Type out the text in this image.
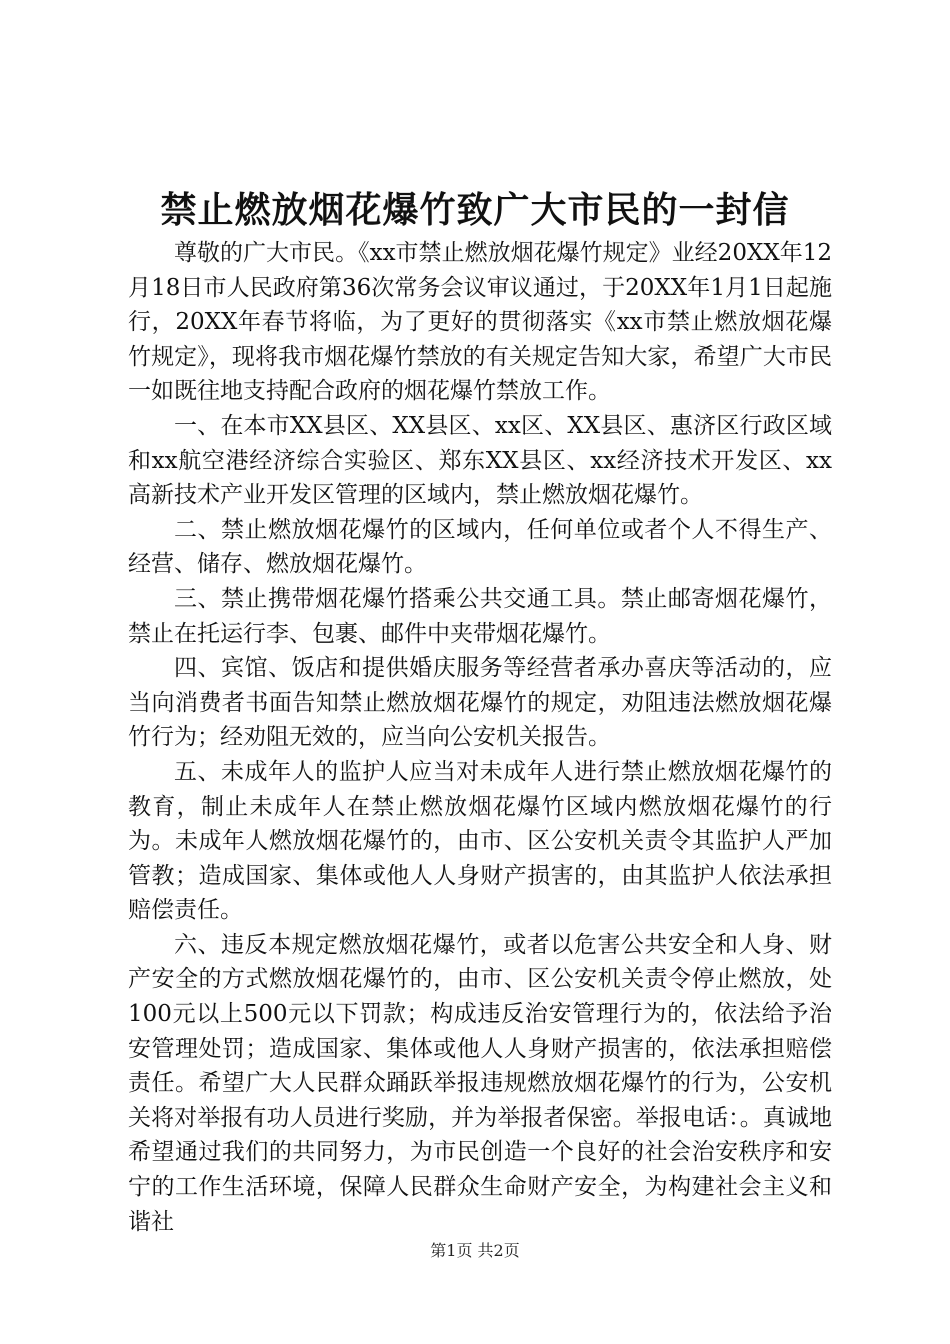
禁止燃放烟花爆竹致广大市民的一封信

尊敬的广大市民。《xx市禁止燃放烟花爆竹规定》业经20XX年12月18日市人民政府第36次常务会议审议通过，于20XX年1月1日起施行，20XX年春节将临，为了更好的贯彻落实《xx市禁止燃放烟花爆竹规定》，现将我市烟花爆竹禁放的有关规定告知大家，希望广大市民一如既往地支持配合政府的烟花爆竹禁放工作。

一、在本市XX县区、XX县区、xx区、XX县区、惠济区行政区域和xx航空港经济综合实验区、郑东XX县区、xx经济技术开发区、xx高新技术产业开发区管理的区域内，禁止燃放烟花爆竹。

二、禁止燃放烟花爆竹的区域内，任何单位或者个人不得生产、经营、储存、燃放烟花爆竹。

三、禁止携带烟花爆竹搭乘公共交通工具。禁止邮寄烟花爆竹，禁止在托运行李、包裹、邮件中夹带烟花爆竹。

四、宾馆、饭店和提供婚庆服务等经营者承办喜庆等活动的，应当向消费者书面告知禁止燃放烟花爆竹的规定，劝阻违法燃放烟花爆竹行为；经劝阻无效的，应当向公安机关报告。

五、未成年人的监护人应当对未成年人进行禁止燃放烟花爆竹的教育，制止未成年人在禁止燃放烟花爆竹区域内燃放烟花爆竹的行为。未成年人燃放烟花爆竹的，由市、区公安机关责令其监护人严加管教；造成国家、集体或他人人身财产损害的，由其监护人依法承担赔偿责任。

六、违反本规定燃放烟花爆竹，或者以危害公共安全和人身、财产安全的方式燃放烟花爆竹的，由市、区公安机关责令停止燃放，处100元以上500元以下罚款；构成违反治安管理行为的，依法给予治安管理处罚；造成国家、集体或他人人身财产损害的，依法承担赔偿责任。希望广大人民群众踊跃举报违规燃放烟花爆竹的行为，公安机关将对举报有功人员进行奖励，并为举报者保密。举报电话：。真诚地希望通过我们的共同努力，为市民创造一个良好的社会治安秩序和安宁的工作生活环境，保障人民群众生命财产安全，为构建社会主义和谐社

第1页 共2页
